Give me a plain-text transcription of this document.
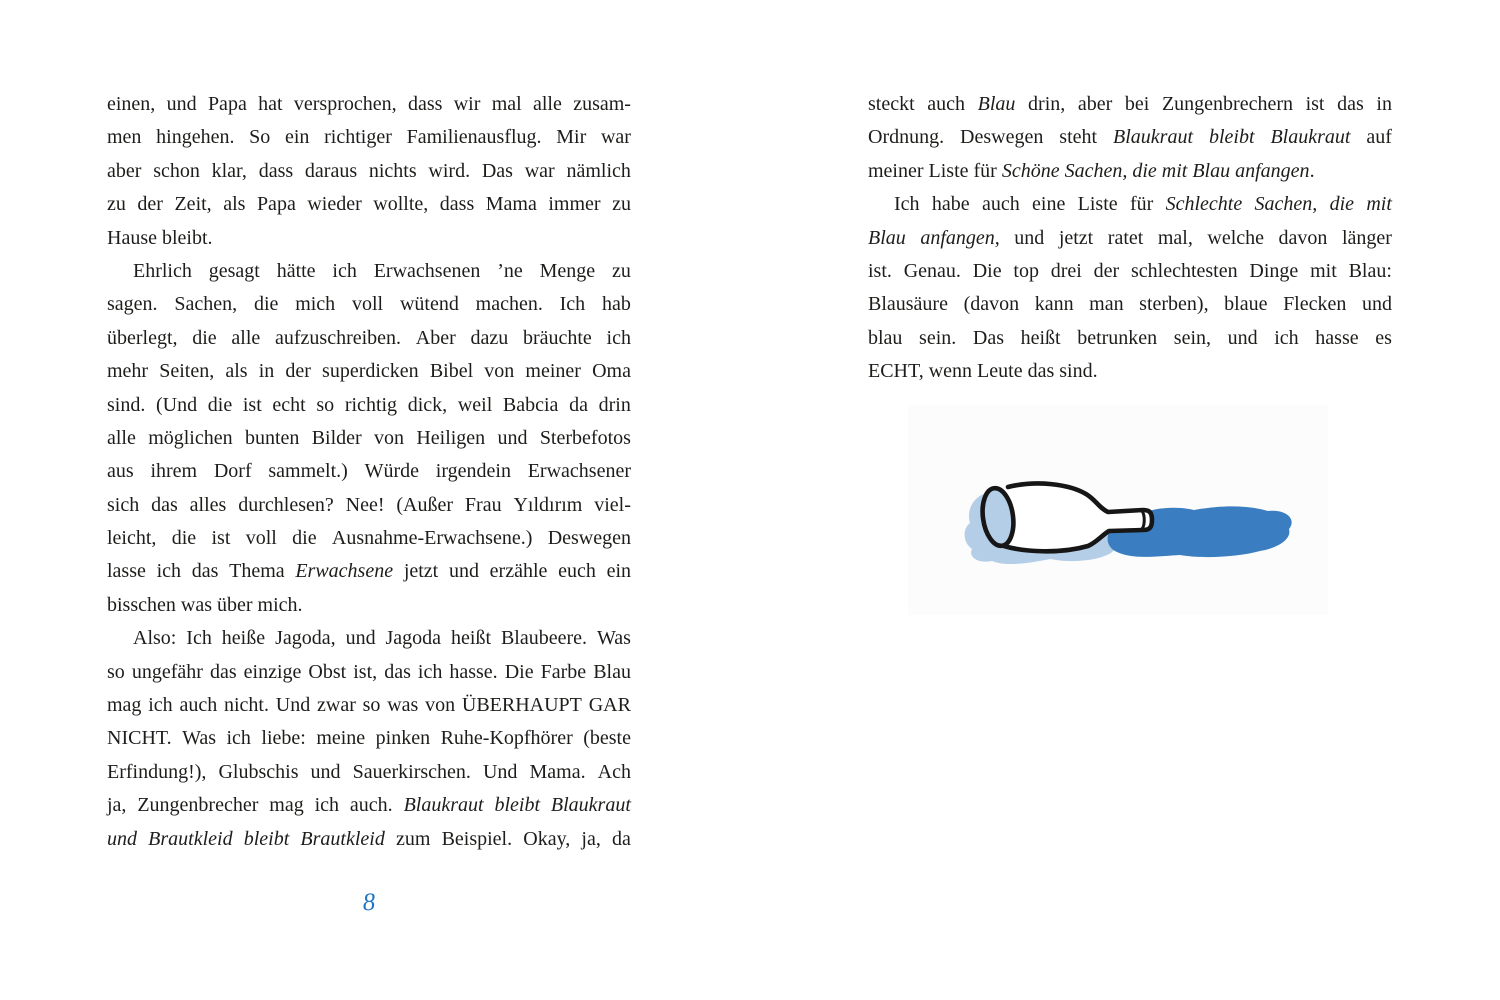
einen, und Papa hat versprochen, dass wir mal alle zusam-
men hingehen. So ein richtiger Familienausflug. Mir war
aber schon klar, dass daraus nichts wird. Das war nämlich
zu der Zeit, als Papa wieder wollte, dass Mama immer zu
Hause bleibt.
Ehrlich gesagt hätte ich Erwachsenen ’ne Menge zu
sagen. Sachen, die mich voll wütend machen. Ich hab
überlegt, die alle aufzuschreiben. Aber dazu bräuchte ich
mehr Seiten, als in der superdicken Bibel von meiner Oma
sind. (Und die ist echt so richtig dick, weil Babcia da drin
alle möglichen bunten Bilder von Heiligen und Sterbefotos
aus ihrem Dorf sammelt.) Würde irgendein Erwachsener
sich das alles durchlesen? Nee! (Außer Frau Yıldırım viel-
leicht, die ist voll die Ausnahme-Erwachsene.) Deswegen
lasse ich das Thema Erwachsene jetzt und erzähle euch ein
bisschen was über mich.
Also: Ich heiße Jagoda, und Jagoda heißt Blaubeere. Was
so ungefähr das einzige Obst ist, das ich hasse. Die Farbe Blau
mag ich auch nicht. Und zwar so was von ÜBERHAUPT GAR
NICHT. Was ich liebe: meine pinken Ruhe-Kopfhörer (beste
Erfindung!), Glubschis und Sauerkirschen. Und Mama. Ach
ja, Zungenbrecher mag ich auch. Blaukraut bleibt Blaukraut
und Brautkleid bleibt Brautkleid zum Beispiel. Okay, ja, da
8
steckt auch Blau drin, aber bei Zungenbrechern ist das in
Ordnung. Deswegen steht Blaukraut bleibt Blaukraut auf
meiner Liste für Schöne Sachen, die mit Blau anfangen.
Ich habe auch eine Liste für Schlechte Sachen, die mit
Blau anfangen, und jetzt ratet mal, welche davon länger
ist. Genau. Die top drei der schlechtesten Dinge mit Blau:
Blausäure (davon kann man sterben), blaue Flecken und
blau sein. Das heißt betrunken sein, und ich hasse es
ECHT, wenn Leute das sind.
